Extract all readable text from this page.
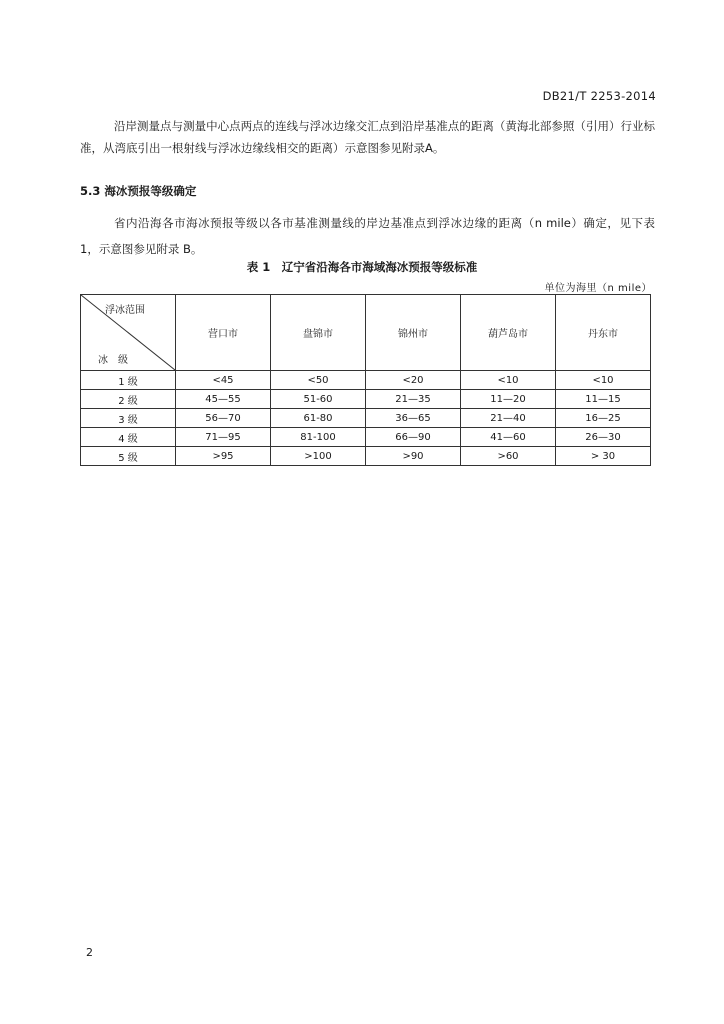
DB21/T 2253-2014

沿岸测量点与测量中心点两点的连线与浮冰边缘交汇点到沿岸基准点的距离（黄海北部参照（引用）行业标准，从湾底引出一根射线与浮冰边缘线相交的距离）示意图参见附录A。

5.3 海冰预报等级确定

省内沿海各市海冰预报等级以各市基准测量线的岸边基准点到浮冰边缘的距离（n mile）确定，见下表 1，示意图参见附录 B。

表 1　辽宁省沿海各市海域海冰预报等级标准
单位为海里（n mile）
浮冰范围
冰　级	营口市	盘锦市	锦州市	葫芦岛市	丹东市
1 级	<45	<50	<20	<10	<10
2 级	45—55	51-60	21—35	11—20	11—15
3 级	56—70	61-80	36—65	21—40	16—25
4 级	71—95	81-100	66—90	41—60	26—30
5 级	>95	>100	>90	>60	> 30
2
